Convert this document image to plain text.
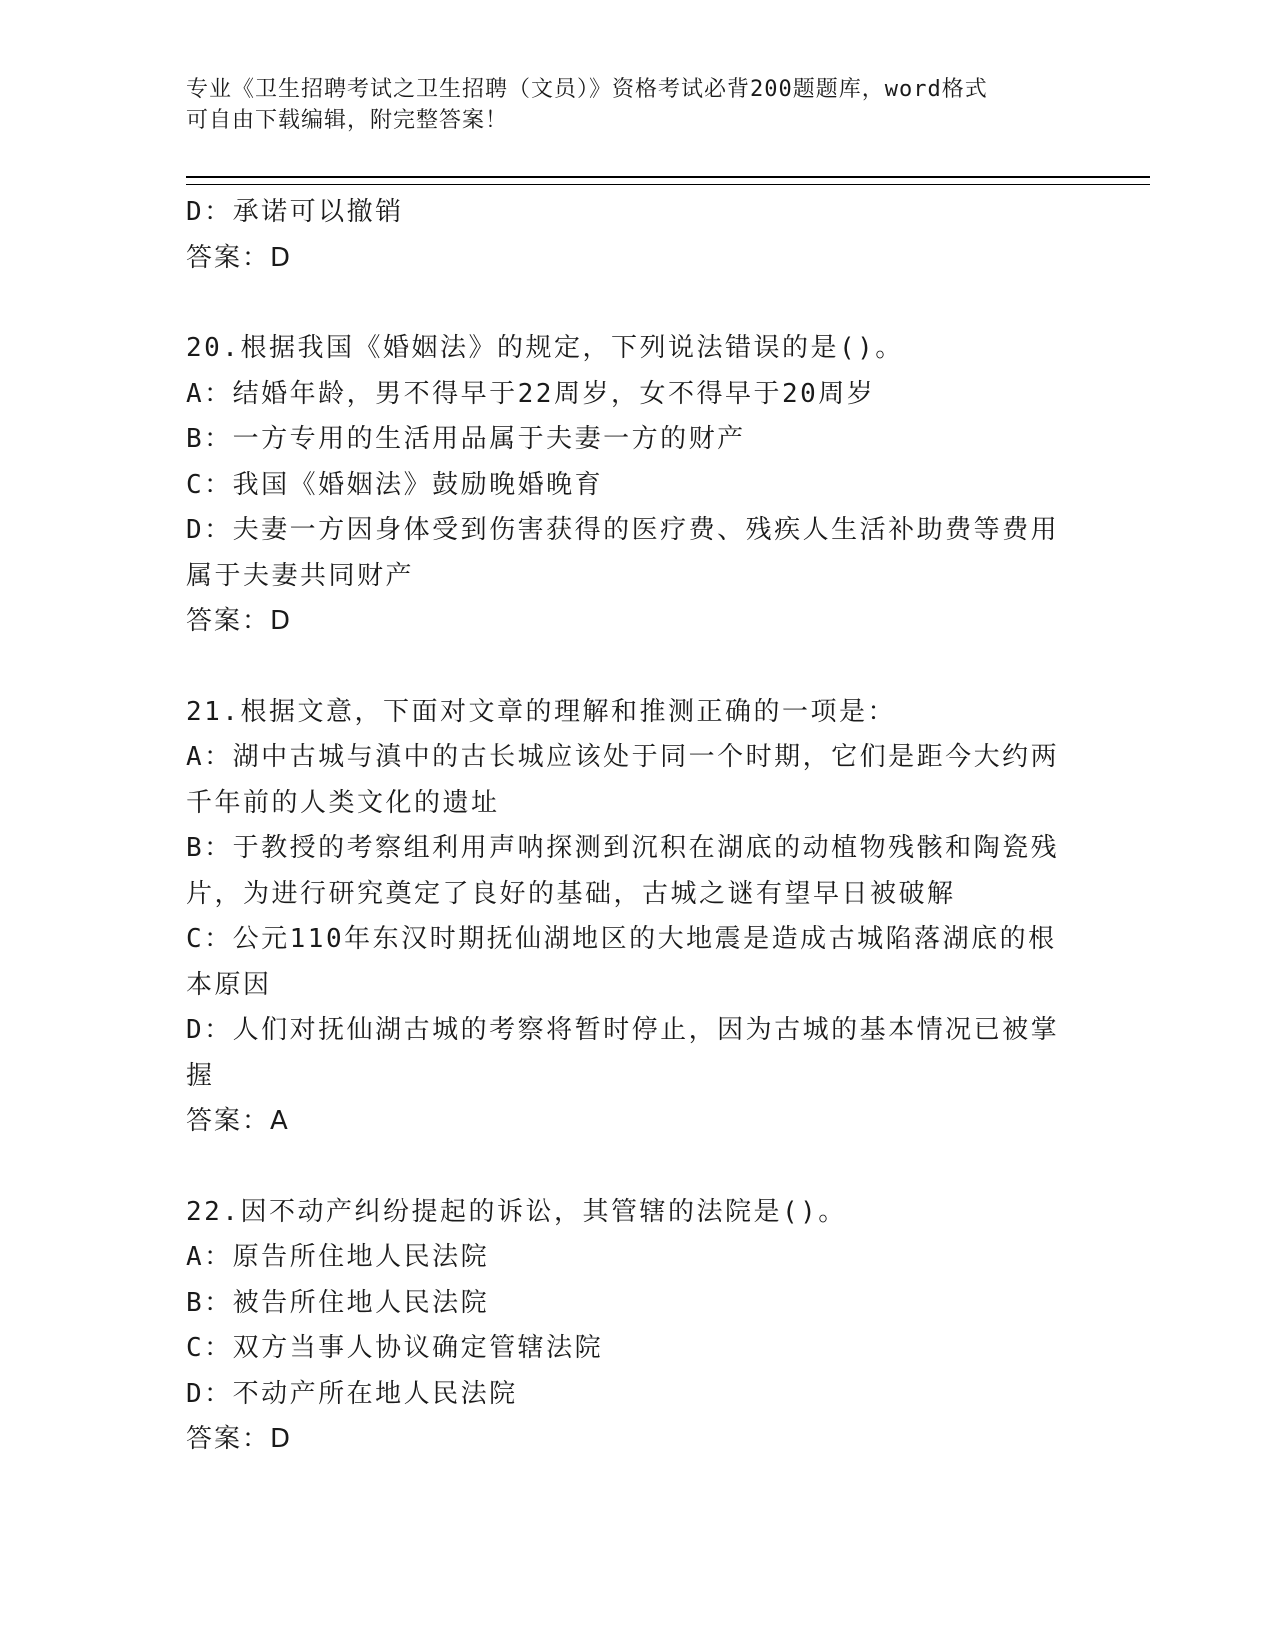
专业《卫生招聘考试之卫生招聘（文员）》资格考试必背200题题库，word格式
可自由下载编辑，附完整答案！
D：承诺可以撤销
答案：D
20.根据我国《婚姻法》的规定，下列说法错误的是()。
A：结婚年龄，男不得早于22周岁，女不得早于20周岁
B：一方专用的生活用品属于夫妻一方的财产
C：我国《婚姻法》鼓励晚婚晚育
D：夫妻一方因身体受到伤害获得的医疗费、残疾人生活补助费等费用属于夫妻共同财产
答案：D
21.根据文意，下面对文章的理解和推测正确的一项是：
A：湖中古城与滇中的古长城应该处于同一个时期，它们是距今大约两千年前的人类文化的遗址
B：于教授的考察组利用声呐探测到沉积在湖底的动植物残骸和陶瓷残片，为进行研究奠定了良好的基础，古城之谜有望早日被破解
C：公元110年东汉时期抚仙湖地区的大地震是造成古城陷落湖底的根本原因
D：人们对抚仙湖古城的考察将暂时停止，因为古城的基本情况已被掌握
答案：A
22.因不动产纠纷提起的诉讼，其管辖的法院是()。
A：原告所住地人民法院
B：被告所住地人民法院
C：双方当事人协议确定管辖法院
D：不动产所在地人民法院
答案：D
